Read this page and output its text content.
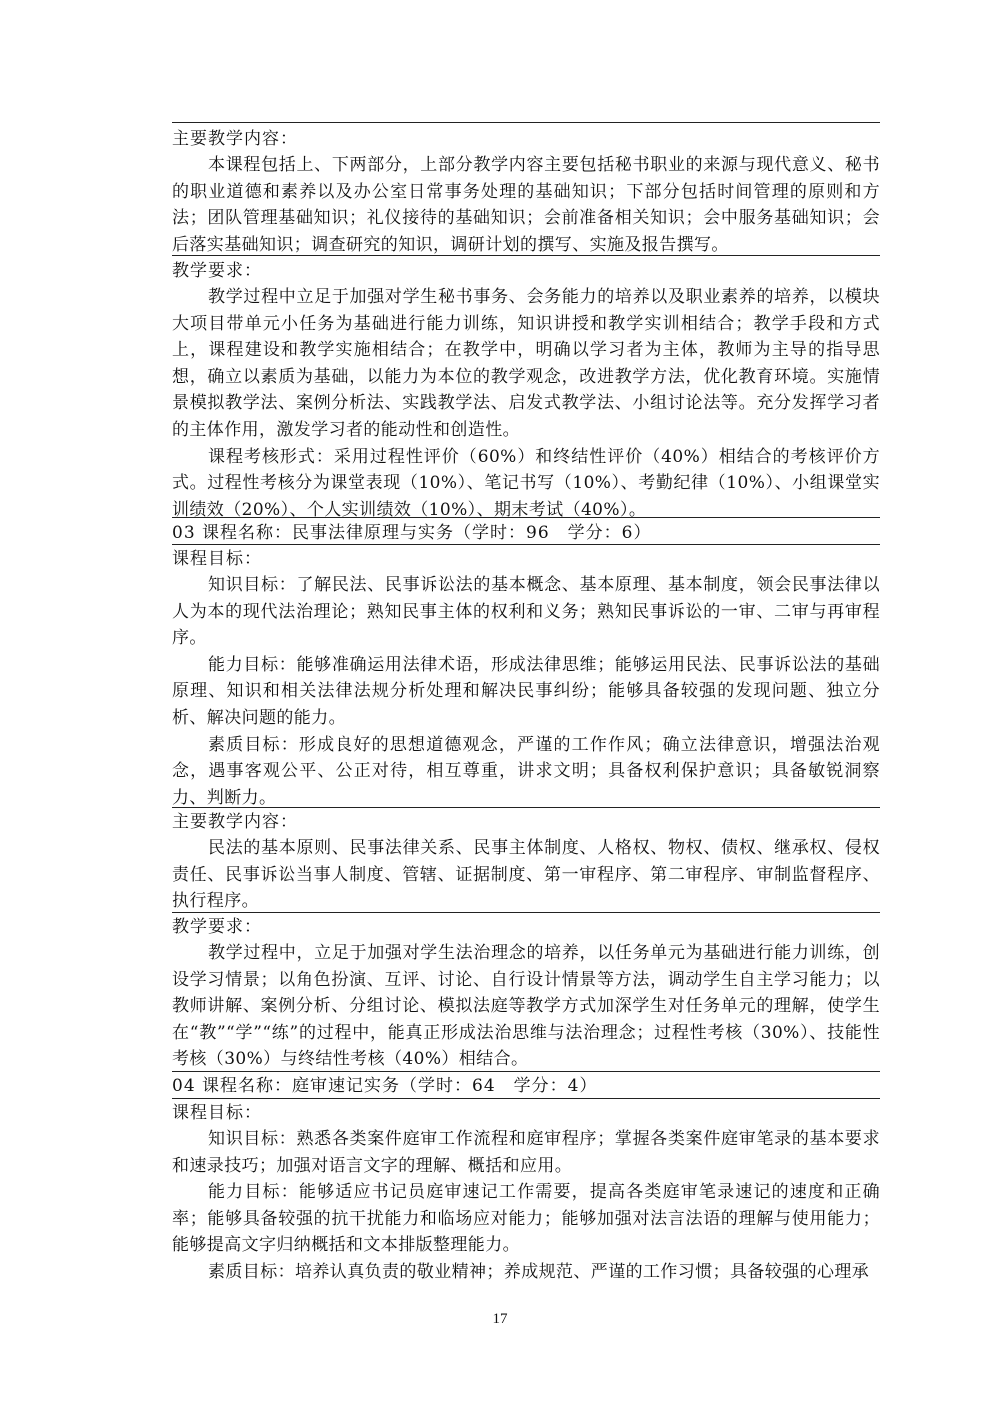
主要教学内容：
本课程包括上、下两部分，上部分教学内容主要包括秘书职业的来源与现代意义、秘书的职业道德和素养以及办公室日常事务处理的基础知识；下部分包括时间管理的原则和方法；团队管理基础知识；礼仪接待的基础知识；会前准备相关知识；会中服务基础知识；会后落实基础知识；调查研究的知识，调研计划的撰写、实施及报告撰写。
教学要求：
教学过程中立足于加强对学生秘书事务、会务能力的培养以及职业素养的培养，以模块大项目带单元小任务为基础进行能力训练，知识讲授和教学实训相结合；教学手段和方式上，课程建设和教学实施相结合；在教学中，明确以学习者为主体，教师为主导的指导思想，确立以素质为基础，以能力为本位的教学观念，改进教学方法，优化教育环境。实施情景模拟教学法、案例分析法、实践教学法、启发式教学法、小组讨论法等。充分发挥学习者的主体作用，激发学习者的能动性和创造性。
课程考核形式：采用过程性评价（60%）和终结性评价（40%）相结合的考核评价方式。过程性考核分为课堂表现（10%）、笔记书写（10%）、考勤纪律（10%）、小组课堂实训绩效（20%）、个人实训绩效（10%）、期末考试（40%）。
03 课程名称：民事法律原理与实务（学时：96　学分：6）
课程目标：
知识目标：了解民法、民事诉讼法的基本概念、基本原理、基本制度，领会民事法律以人为本的现代法治理论；熟知民事主体的权利和义务；熟知民事诉讼的一审、二审与再审程序。
能力目标：能够准确运用法律术语，形成法律思维；能够运用民法、民事诉讼法的基础原理、知识和相关法律法规分析处理和解决民事纠纷；能够具备较强的发现问题、独立分析、解决问题的能力。
素质目标：形成良好的思想道德观念，严谨的工作作风；确立法律意识，增强法治观念，遇事客观公平、公正对待，相互尊重，讲求文明；具备权利保护意识；具备敏锐洞察力、判断力。
主要教学内容：
民法的基本原则、民事法律关系、民事主体制度、人格权、物权、债权、继承权、侵权责任、民事诉讼当事人制度、管辖、证据制度、第一审程序、第二审程序、审制监督程序、执行程序。
教学要求：
教学过程中，立足于加强对学生法治理念的培养，以任务单元为基础进行能力训练，创设学习情景；以角色扮演、互评、讨论、自行设计情景等方法，调动学生自主学习能力；以教师讲解、案例分析、分组讨论、模拟法庭等教学方式加深学生对任务单元的理解，使学生在“教”“学”“练”的过程中，能真正形成法治思维与法治理念；过程性考核（30%）、技能性考核（30%）与终结性考核（40%）相结合。
04 课程名称：庭审速记实务（学时：64　学分：4）
课程目标：
知识目标：熟悉各类案件庭审工作流程和庭审程序；掌握各类案件庭审笔录的基本要求和速录技巧；加强对语言文字的理解、概括和应用。
能力目标：能够适应书记员庭审速记工作需要，提高各类庭审笔录速记的速度和正确率；能够具备较强的抗干扰能力和临场应对能力；能够加强对法言法语的理解与使用能力；能够提高文字归纳概括和文本排版整理能力。
素质目标：培养认真负责的敬业精神；养成规范、严谨的工作习惯；具备较强的心理承
17
